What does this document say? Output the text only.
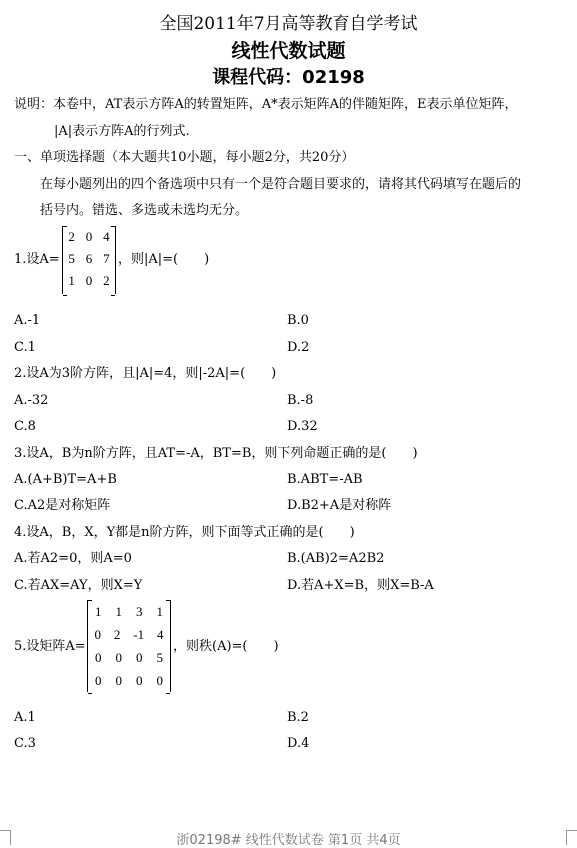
全国2011年7月高等教育自学考试
线性代数试题
课程代码：02198
说明：本卷中，AT表示方阵A的转置矩阵，A*表示矩阵A的伴随矩阵，E表示单位矩阵，
|A|表示方阵A的行列式.
一、单项选择题（本大题共10小题，每小题2分，共20分）
在每小题列出的四个备选项中只有一个是符合题目要求的，请将其代码填写在题后的
括号内。错选、多选或未选均无分。
1.设A=
2 0 4
5 6 7
1 0 2
，则|A|=(　　)
A.-1	B.0
C.1	D.2
2.设A为3阶方阵，且|A|=4，则|-2A|=(　　)
A.-32	B.-8
C.8	D.32
3.设A，B为n阶方阵，且AT=-A，BT=B，则下列命题正确的是(　　)
A.(A+B)T=A+B	B.ABT=-AB
C.A2是对称矩阵	D.B2+A是对称阵
4.设A，B，X，Y都是n阶方阵，则下面等式正确的是(　　)
A.若A2=0，则A=0	B.(AB)2=A2B2
C.若AX=AY，则X=Y	D.若A+X=B，则X=B-A
5.设矩阵A=
1 1 3 1
0 2 -1 4
0 0 0 5
0 0 0 0
，则秩(A)=(　　)
A.1	B.2
C.3	D.4
浙02198# 线性代数试卷 第1页 共4页
